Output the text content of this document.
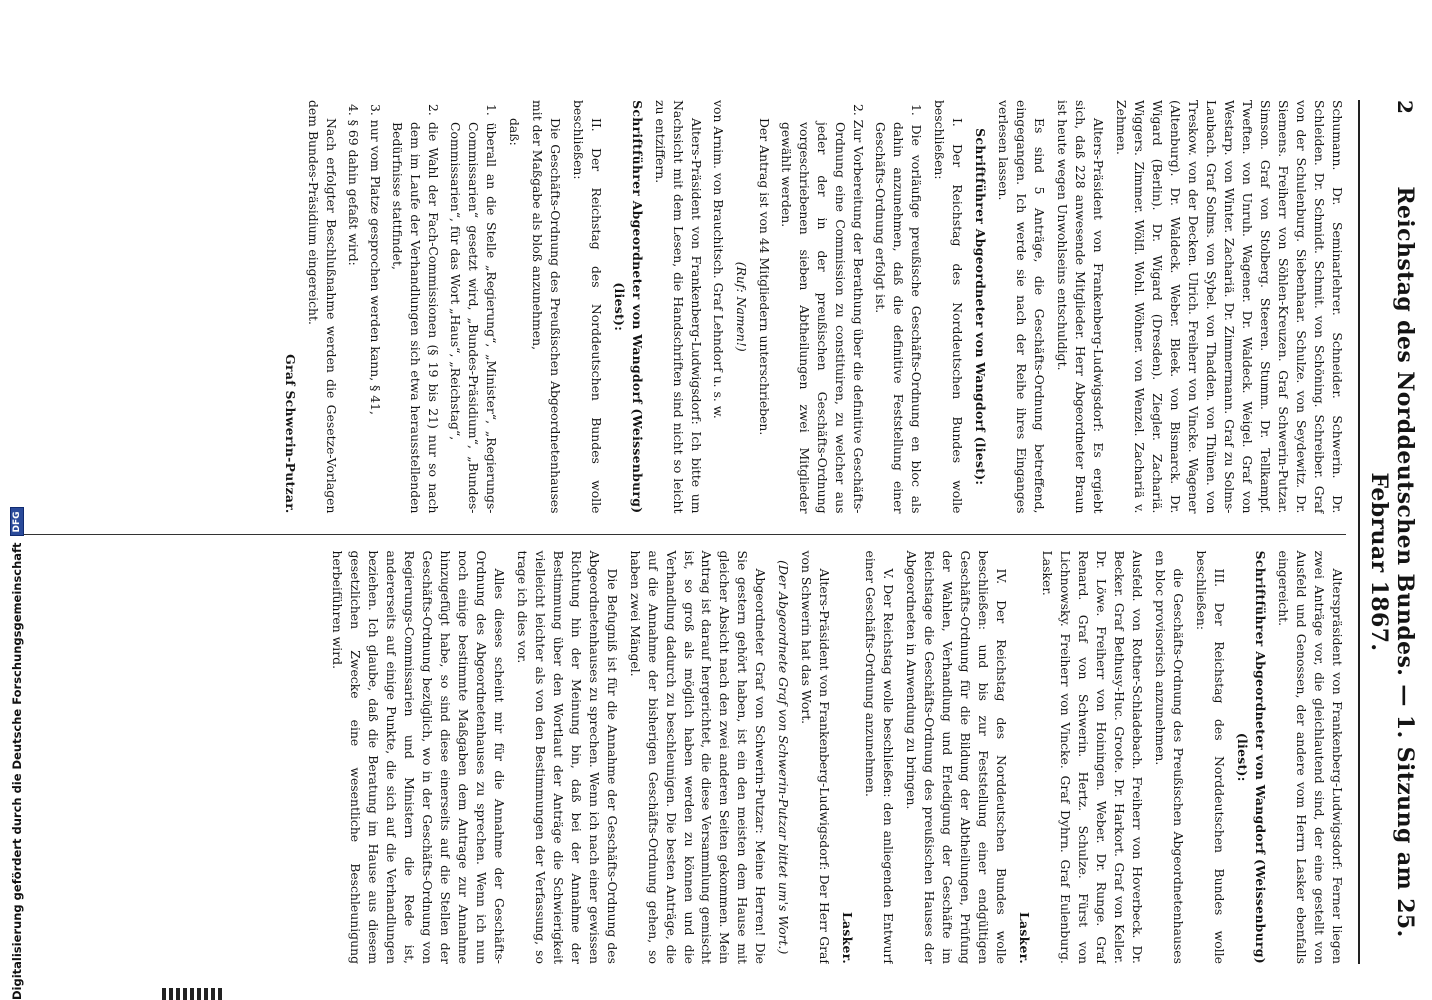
2
Reichstag des Norddeutschen Bundes. — 1. Sitzung am 25. Februar 1867.

Schumann. Dr. Seminarlehrer. Schneider. Schwerin. Dr. Schleiden. Dr. Schmidt. Schmit. von Schöning. Schreiber. Graf von der Schulenburg. Siebenhaar. Schulze. von Seydewitz. Dr. Siemens. Freiherr von Söhlen-Kreuzen. Graf Schwerin-Putzar. Simson. Graf von Stolberg. Steeren. Stumm. Dr. Tellkampf. Tweften. von Unruh. Wagener. Dr. Waldeck. Weigel. Graf von Westarp. von Winter. Zachariä. Dr. Zimmermann. Graf zu Solms-Laubach. Graf Solms. von Sybel. von Thadden. von Thünen. von Treskow. von der Decken. Ulrich. Freiherr von Vincke. Wagener (Altenburg). Dr. Waldeck. Weber. Bleek. von Bismarck. Dr. Wigard (Berlin). Dr. Wigard (Dresden). Ziegler. Zachariä. Wiggers. Zimmer. Wölfl. Wohl. Wöhner. von Wenzel. Zachariä v. Zehmen.

Alters-Präsident von Frankenberg-Ludwigsdorf: Es ergiebt sich, daß 228 anwesende Mitglieder. Herr Abgeordneter Braun ist heute wegen Unwohlseins entschuldigt.

Es sind 5 Anträge, die Geschäfts-Ordnung betreffend, eingegangen. Ich werde sie nach der Reihe ihres Einganges verlesen lassen.

Schriftführer Abgeordneter von Wangdorf (liest):

I. Der Reichstag des Norddeutschen Bundes wolle beschließen:

1. Die vorläufige preußische Geschäfts-Ordnung en bloc als dahin anzunehmen, daß die definitive Feststellung einer Geschäfts-Ordnung erfolgt ist.
2. Zur Vorbereitung der Berathung über die definitive Geschäfts-Ordnung eine Commission zu constituiren, zu welcher aus jeder der in der preußischen Geschäfts-Ordnung vorgeschriebenen sieben Abtheilungen zwei Mitglieder gewählt werden.

Der Antrag ist von 44 Mitgliedern unterschrieben.

(Ruf: Namen!)

von Arnim. von Brauchitsch. Graf Lehndorf u. s. w.

Alters-Präsident von Frankenberg-Ludwigsdorf: Ich bitte um Nachsicht mit dem Lesen, die Handschriften sind nicht so leicht zu entziffern.

Schriftführer Abgeordneter von Wangdorf (Weissenburg) (liest):

II. Der Reichstag des Norddeutschen Bundes wolle beschließen:

Die Geschäfts-Ordnung des Preußischen Abgeordnetenhauses mit der Maßgabe als bloß anzunehmen,

daß:

1. überall an die Stelle „Regierung“, „Minister“, „Regierungs-Commissarien“ gesetzt wird, „Bundes-Präsidium“, „Bundes-Commissarien“, für das Wort „Haus“, „Reichstag“,
2. die Wahl der Fach-Commissionen (§ 19 bis 21) nur so nach dem im Laufe der Verhandlungen sich etwa herausstellenden Bedürfnisse stattfindet,
3. nur vom Platze gesprochen werden kann, § 41,
4. § 69 dahin gefaßt wird:

Nach erfolgter Beschlußnahme werden die Gesetze-Vorlagen dem Bundes-Präsidium eingereicht.

Graf Schwerin-Putzar.

Alterspräsident von Frankenberg-Ludwigsdorf: Ferner liegen zwei Anträge vor, die gleichlautend sind, der eine gestellt von Ausfeld und Genossen, der andere vom Herrn Lasker ebenfalls eingereicht.

Schriftführer Abgeordneter von Wangdorf (Weissenburg) (liest):

III. Der Reichstag des Norddeutschen Bundes wolle beschließen:

die Geschäfts-Ordnung des Preußischen Abgeordnetenhauses en bloc provisorisch anzunehmen.

Ausfeld. von Rother-Schladebach. Freiherr von Hoverbeck. Dr. Becker. Graf Bethusy-Huc. Groote. Dr. Harkort. Graf von Keller. Dr. Löwe. Freiherr von Hoiningen. Weber. Dr. Runge. Graf Renard. Graf von Schwerin. Hertz. Schulze. Fürst von Lichnowsky. Freiherr von Vincke. Graf Dyhrn. Graf Eulenburg. Lasker.

Lasker.

IV. Der Reichstag des Norddeutschen Bundes wolle beschließen: und bis zur Feststellung einer endgültigen Geschäfts-Ordnung für die Bildung der Abtheilungen, Prüfung der Wahlen, Verhandlung und Erledigung der Geschäfte im Reichstage die Geschäfts-Ordnung des preußischen Hauses der Abgeordneten in Anwendung zu bringen.

V. Der Reichstag wolle beschließen: den anliegenden Entwurf einer Geschäfts-Ordnung anzunehmen.

Lasker.

Alters-Präsident von Frankenberg-Ludwigsdorf: Der Herr Graf von Schwerin hat das Wort.

(Der Abgeordnete Graf von Schwerin-Putzar bittet um's Wort.)

Abgeordneter Graf von Schwerin-Putzar: Meine Herren! Die Sie gestern gehört haben, ist ein den meisten dem Hause mit gleicher Absicht nach den zwei anderen Seiten gekommen. Mein Antrag ist darauf hergerichtet, die diese Versammlung gemischt ist, so groß als möglich haben werden zu können und die Verhandlung dadurch zu beschleunigen. Die besten Anträge, die auf die Annahme der bisherigen Geschäfts-Ordnung gehen, so haben zwei Mängel.

Die Befugniß ist für die Annahme der Geschäfts-Ordnung des Abgeordnetenhauses zu sprechen. Wenn ich nach einer gewissen Richtung hin der Meinung bin, daß bei der Annahme der Bestimmung über den Wortlaut der Anträge die Schwierigkeit vielleicht leichter als von den Bestimmungen der Verfassung, so trage ich dies vor.

Alles dieses scheint mir für die Annahme der Geschäfts-Ordnung des Abgeordnetenhauses zu sprechen. Wenn ich nun noch einige bestimmte Maßgaben dem Antrage zur Annahme hinzugefügt habe, so sind diese einerseits auf die Stellen der Geschäfts-Ordnung bezüglich, wo in der Geschäfts-Ordnung von Regierungs-Commissarien und Ministern die Rede ist, andererseits auf einige Punkte, die sich auf die Verhandlungen beziehen. Ich glaube, daß die Beratung im Hause aus diesem gesetzlichen Zwecke eine wesentliche Beschleunigung herbeiführen wird.

Digitalisierung gefördert durch die Deutsche Forschungsgemeinschaft
DFG
